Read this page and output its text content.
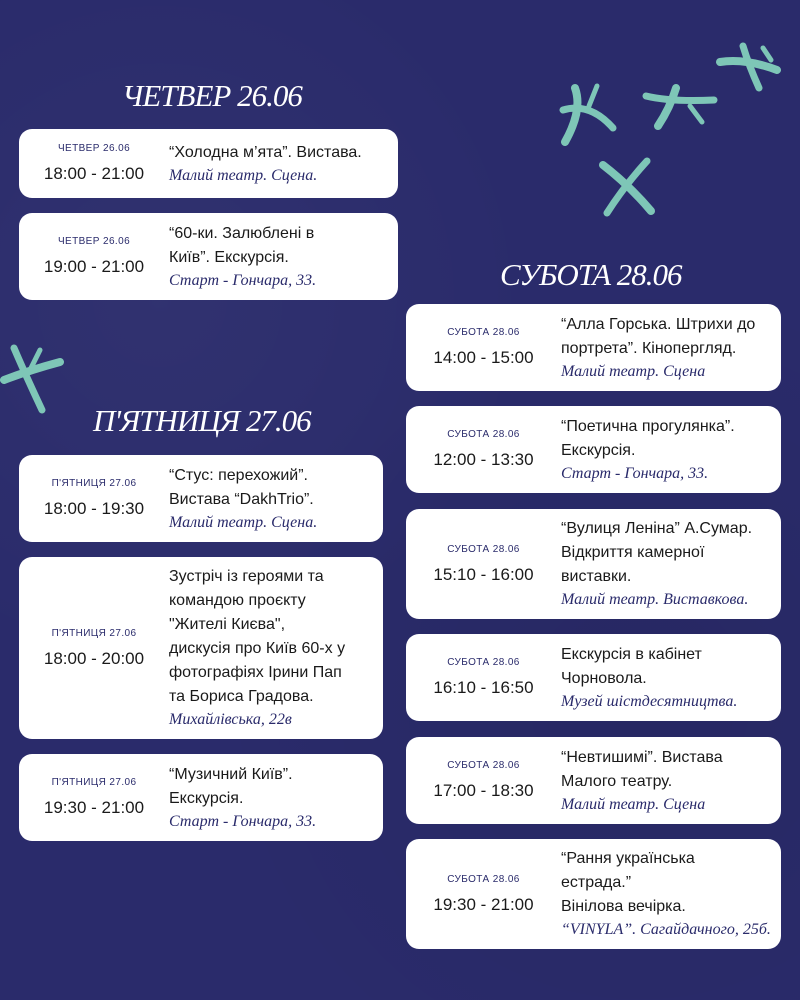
ЧЕТВЕР 26.06
ЧЕТВЕР 26.06
18:00 - 21:00
“Холодна м’ята”. Вистава.
Малий театр. Сцена.
ЧЕТВЕР 26.06
19:00 - 21:00
“60-ки. Залюблені в
Київ”. Екскурсія.
Старт - Гончара, 33.
П'ЯТНИЦЯ 27.06
П'ЯТНИЦЯ 27.06
18:00 - 19:30
“Стус: перехожий”.
Вистава “DakhTrio”.
Малий театр. Сцена.
П'ЯТНИЦЯ 27.06
18:00 - 20:00
Зустріч із героями та
командою проєкту
"Жителі Києва",
дискусія про Київ 60-х у
фотографіях Ірини Пап
та Бориса Градова.
Михайлівська, 22в
П'ЯТНИЦЯ 27.06
19:30 - 21:00
“Музичний Київ”.
Екскурсія.
Старт - Гончара, 33.
СУБОТА 28.06
СУБОТА 28.06
14:00 - 15:00
“Алла Горська. Штрихи до
портрета”. Кінопергляд.
Малий театр. Сцена
СУБОТА 28.06
12:00 - 13:30
“Поетична прогулянка”.
Екскурсія.
Старт - Гончара, 33.
СУБОТА 28.06
15:10 - 16:00
“Вулиця Леніна” А.Сумар.
Відкриття камерної
виставки.
Малий театр. Виставкова.
СУБОТА 28.06
16:10 - 16:50
Екскурсія в кабінет
Чорновола.
Музей шістдесятництва.
СУБОТА 28.06
17:00 - 18:30
“Невтишимі”. Вистава
Малого театру.
Малий театр. Сцена
СУБОТА 28.06
19:30 - 21:00
“Рання українська
естрада.”
Вінілова вечірка.
“VINYLA”. Сагайдачного, 25б.
